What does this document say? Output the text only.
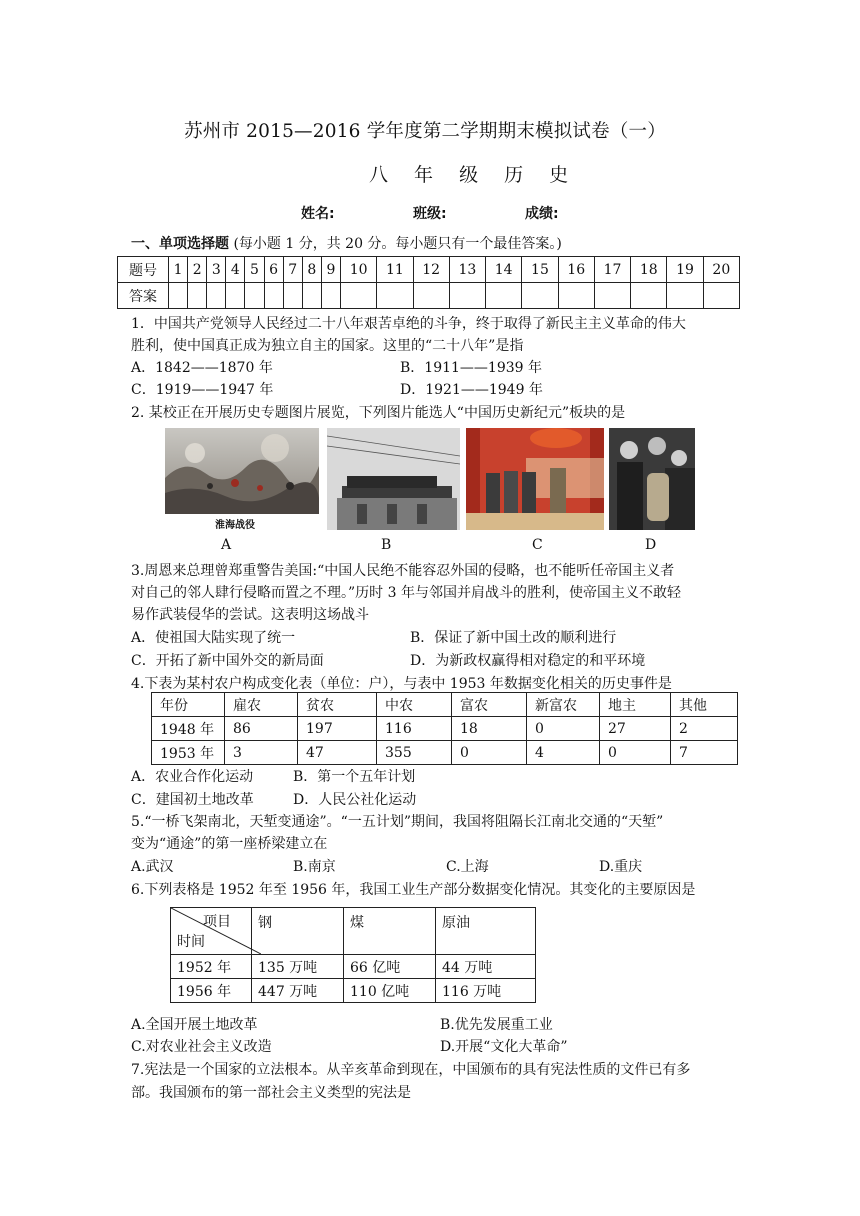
苏州市 2015—2016 学年度第二学期期末模拟试卷（一）
八 年 级 历 史
姓名:	班级:	成绩:
一、单项选择题 (每小题 1 分，共 20 分。每小题只有一个最佳答案。)
题号	1	2	3	4	5	6	7	8	9	10	11	12	13	14	15	16	17	18	19	20
答案																				
1．中国共产党领导人民经过二十八年艰苦卓绝的斗争，终于取得了新民主主义革命的伟大
胜利，使中国真正成为独立自主的国家。这里的“二十八年”是指
A．1842——1870 年	B．1911——1939 年
C．1919——1947 年	D．1921——1949 年
2. 某校正在开展历史专题图片展览，下列图片能选人“中国历史新纪元”板块的是
淮海战役
A	B	C	D
3.周恩来总理曾郑重警告美国:“中国人民绝不能容忍外国的侵略，也不能听任帝国主义者
对自己的邻人肆行侵略而置之不理。”历时 3 年与邻国并肩战斗的胜利，使帝国主义不敢轻
易作武装侵华的尝试。这表明这场战斗
A．使祖国大陆实现了统一	B．保证了新中国土改的顺利进行
C．开拓了新中国外交的新局面	D．为新政权赢得相对稳定的和平环境
4.下表为某村农户构成变化表（单位：户），与表中 1953 年数据变化相关的历史事件是
年份	雇农	贫农	中农	富农	新富农	地主	其他
1948 年	86	197	116	18	0	27	2
1953 年	3	47	355	0	4	0	7
A．农业合作化运动	B．第一个五年计划
C．建国初土地改革	D．人民公社化运动
5.“一桥飞架南北，天堑变通途”。“一五计划”期间，我国将阻隔长江南北交通的“天堑”
变为“通途”的第一座桥梁建立在
A.武汉	B.南京	C.上海	D.重庆
6.下列表格是 1952 年至 1956 年，我国工业生产部分数据变化情况。其变化的主要原因是
项目
时间	钢	煤	原油
1952 年	135 万吨	66 亿吨	44 万吨
1956 年	447 万吨	110 亿吨	116 万吨
A.全国开展土地改革	B.优先发展重工业
C.对农业社会主义改造	D.开展“文化大革命”
7.宪法是一个国家的立法根本。从辛亥革命到现在，中国颁布的具有宪法性质的文件已有多
部。我国颁布的第一部社会主义类型的宪法是
